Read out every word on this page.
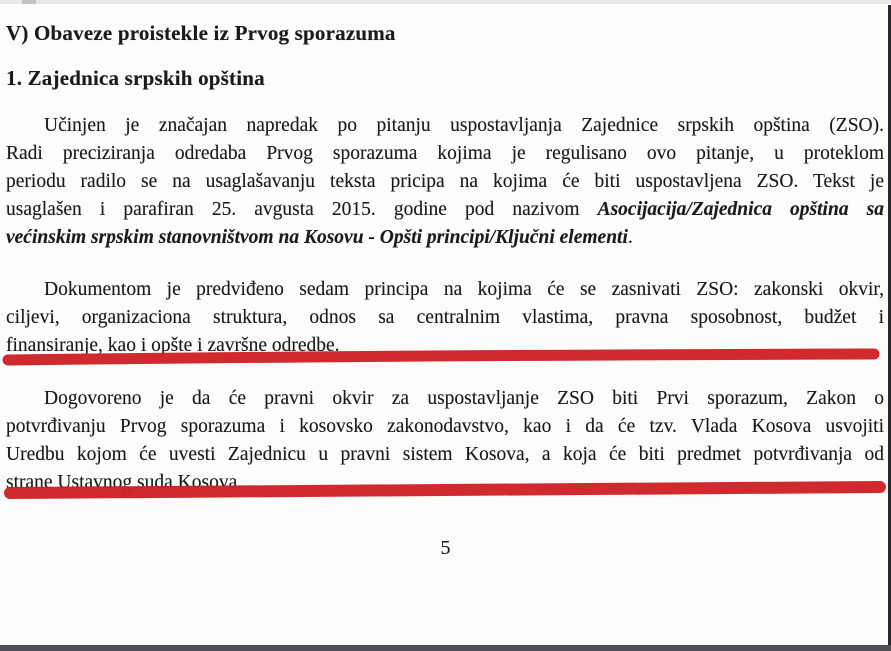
V) Obaveze proistekle iz Prvog sporazuma
1. Zajednica srpskih opština
Učinjen je značajan napredak po pitanju uspostavljanja Zajednice srpskih opština (ZSO).
Radi preciziranja odredaba Prvog sporazuma kojima je regulisano ovo pitanje, u proteklom
periodu radilo se na usaglašavanju teksta pricipa na kojima će biti uspostavljena ZSO. Tekst je
usaglašen i parafiran 25. avgusta 2015. godine pod nazivom Asocijacija/Zajednica opština sa
većinskim srpskim stanovništvom na Kosovu - Opšti principi/Ključni elementi.
Dokumentom je predviđeno sedam principa na kojima će se zasnivati ZSO: zakonski okvir,
ciljevi, organizaciona struktura, odnos sa centralnim vlastima, pravna sposobnost, budžet i
finansiranje, kao i opšte i završne odredbe.
Dogovoreno je da će pravni okvir za uspostavljanje ZSO biti Prvi sporazum, Zakon o
potvrđivanju Prvog sporazuma i kosovsko zakonodavstvo, kao i da će tzv. Vlada Kosova usvojiti
Uredbu kojom će uvesti Zajednicu u pravni sistem Kosova, a koja će biti predmet potvrđivanja od
strane Ustavnog suda Kosova.
5
